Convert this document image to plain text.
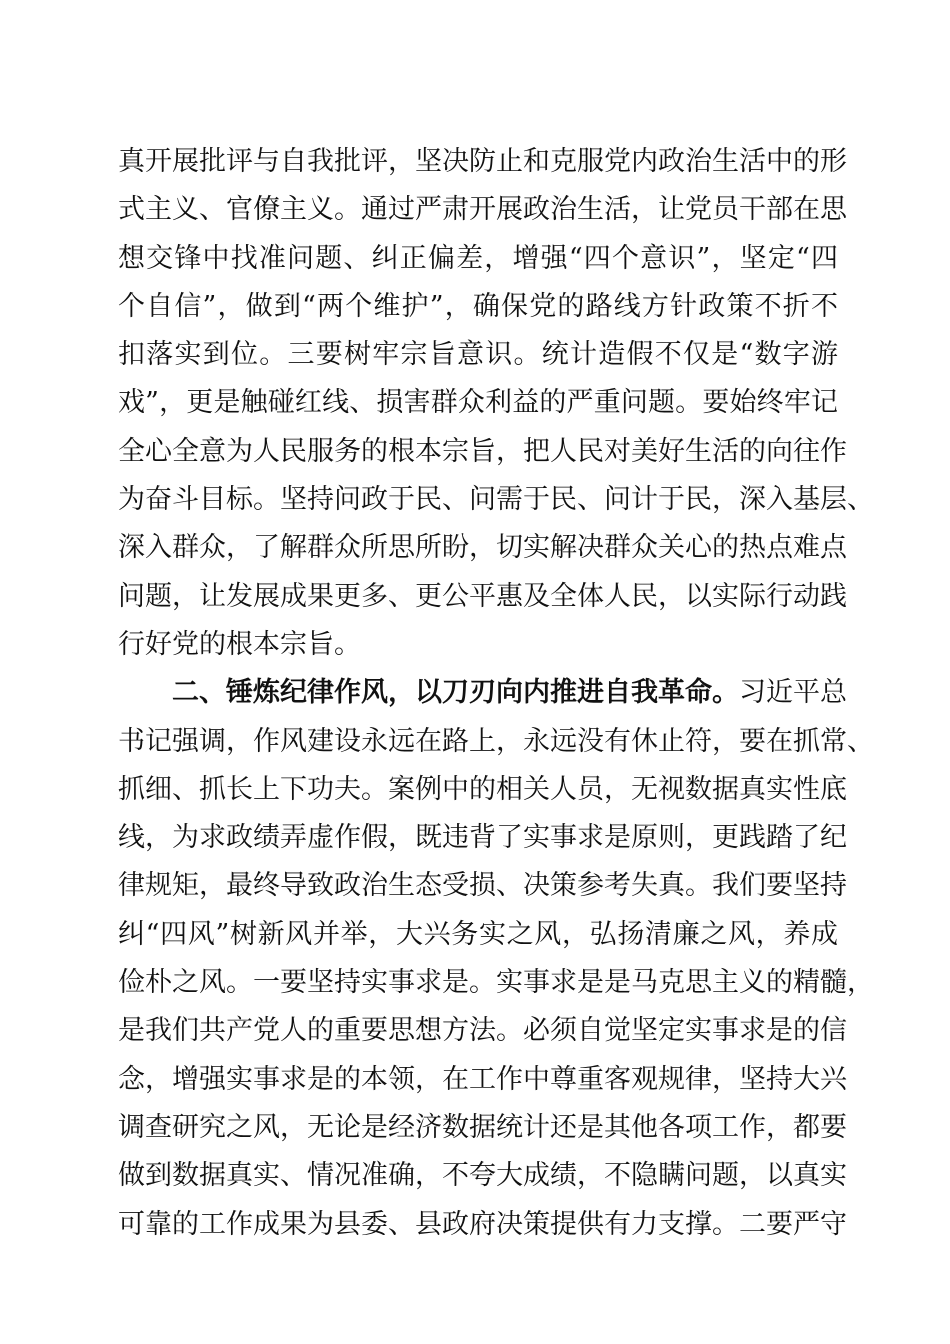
真开展批评与自我批评，坚决防止和克服党内政治生活中的形
式主义、官僚主义。通过严肃开展政治生活，让党员干部在思
想交锋中找准问题、纠正偏差，增强“四个意识”，坚定“四
个自信”，做到“两个维护”，确保党的路线方针政策不折不
扣落实到位。三要树牢宗旨意识。统计造假不仅是“数字游
戏”，更是触碰红线、损害群众利益的严重问题。要始终牢记
全心全意为人民服务的根本宗旨，把人民对美好生活的向往作
为奋斗目标。坚持问政于民、问需于民、问计于民，深入基层、
深入群众，了解群众所思所盼，切实解决群众关心的热点难点
问题，让发展成果更多、更公平惠及全体人民，以实际行动践
行好党的根本宗旨。
二、锤炼纪律作风，以刀刃向内推进自我革命。习近平总
书记强调，作风建设永远在路上，永远没有休止符，要在抓常、
抓细、抓长上下功夫。案例中的相关人员，无视数据真实性底
线，为求政绩弄虚作假，既违背了实事求是原则，更践踏了纪
律规矩，最终导致政治生态受损、决策参考失真。我们要坚持
纠“四风”树新风并举，大兴务实之风，弘扬清廉之风，养成
俭朴之风。一要坚持实事求是。实事求是是马克思主义的精髓，
是我们共产党人的重要思想方法。必须自觉坚定实事求是的信
念，增强实事求是的本领，在工作中尊重客观规律，坚持大兴
调查研究之风，无论是经济数据统计还是其他各项工作，都要
做到数据真实、情况准确，不夸大成绩，不隐瞒问题，以真实
可靠的工作成果为县委、县政府决策提供有力支撑。二要严守
